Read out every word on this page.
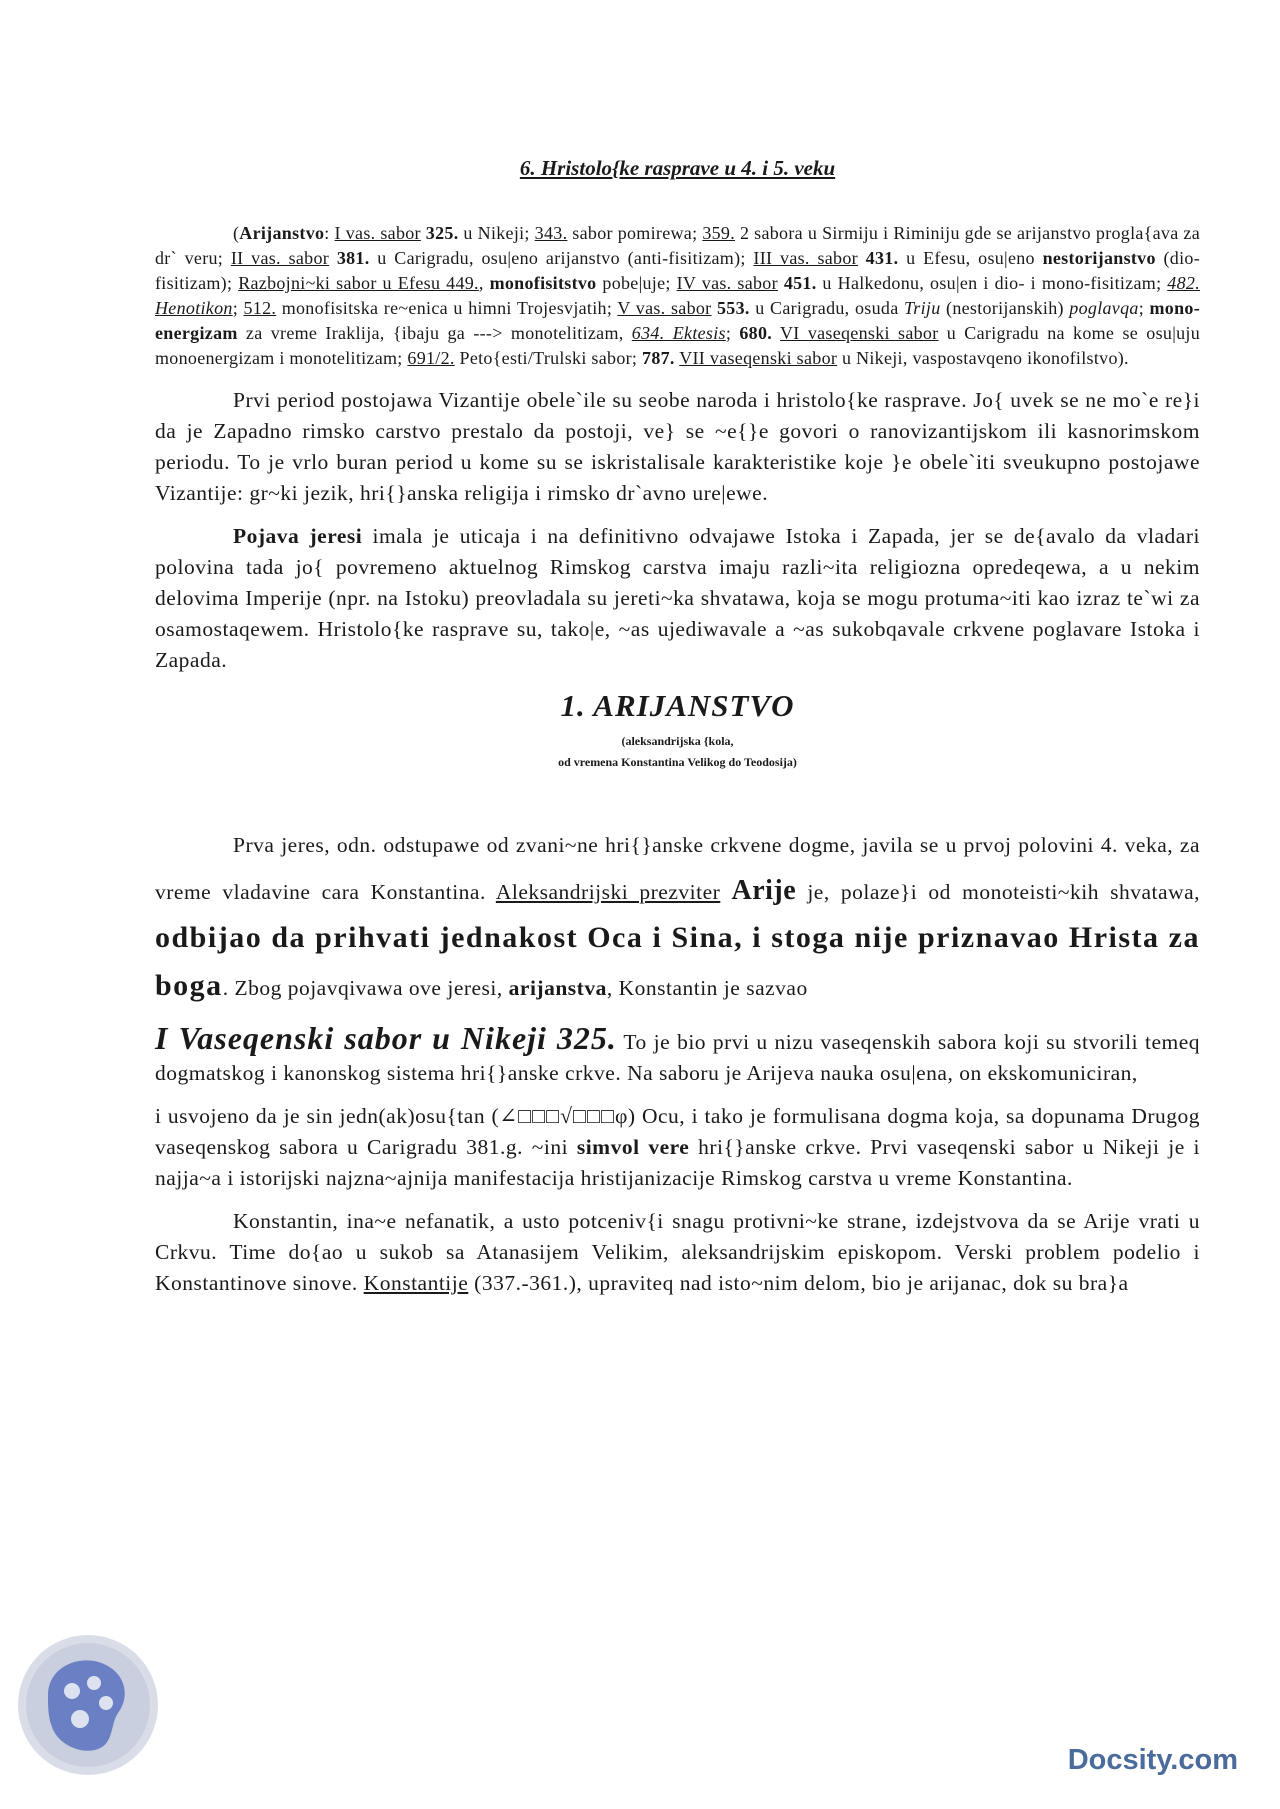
6. Hristolo{ke rasprave u 4. i 5. veku

(Arijanstvo: I vas. sabor 325. u Nikeji; 343. sabor pomirewa; 359. 2 sabora u Sirmiju i Riminiju gde se arijanstvo progla{ava za dr` veru; II vas. sabor 381. u Carigradu, osu|eno arijanstvo (anti-fisitizam); III vas. sabor 431. u Efesu, osu|eno nestorijanstvo (dio-fisitizam); Razbojni~ki sabor u Efesu 449., monofisitstvo pobe|uje; IV vas. sabor 451. u Halkedonu, osu|en i dio- i mono-fisitizam; 482. Henotikon; 512. monofisitska re~enica u himni Trojesvjatih; V vas. sabor 553. u Carigradu, osuda Triju (nestorijanskih) poglavqa; mono-energizam za vreme Iraklija, {ibaju ga ---> monotelitizam, 634. Ektesis; 680. VI vaseqenski sabor u Carigradu na kome se osu|uju monoenergizam i monotelitizam; 691/2. Peto{esti/Trulski sabor; 787. VII vaseqenski sabor u Nikeji, vaspostavqeno ikonofilstvo).

Prvi period postojawa Vizantije obele`ile su seobe naroda i hristolo{ke rasprave. Jo{ uvek se ne mo`e re}i da je Zapadno rimsko carstvo prestalo da postoji, ve} se ~e{}e govori o ranovizantijskom ili kasnorimskom periodu. To je vrlo buran period u kome su se iskristalisale karakteristike koje }e obele`iti sveukupno postojawe Vizantije: gr~ki jezik, hri{}anska religija i rimsko dr`avno ure|ewe.

Pojava jeresi imala je uticaja i na definitivno odvajawe Istoka i Zapada, jer se de{avalo da vladari polovina tada jo{ povremeno aktuelnog Rimskog carstva imaju razli~ita religiozna opredeqewa, a u nekim delovima Imperije (npr. na Istoku) preovladala su jereti~ka shvatawa, koja se mogu protuma~iti kao izraz te`wi za osamostaqewem. Hristolo{ke rasprave su, tako|e, ~as ujediwavale a ~as sukobqavale crkvene poglavare Istoka i Zapada.

1. ARIJANSTVO
(aleksandrijska {kola,
od vremena Konstantina Velikog do Teodosija)

Prva jeres, odn. odstupawe od zvani~ne hri{}anske crkvene dogme, javila se u prvoj polovini 4. veka, za vreme vladavine cara Konstantina. Aleksandrijski prezviter Arije je, polaze}i od monoteisti~kih shvatawa, odbijao da prihvati jednakost Oca i Sina, i stoga nije priznavao Hrista za boga. Zbog pojavqivawa ove jeresi, arijanstva, Konstantin je sazvao

I Vaseqenski sabor u Nikeji 325. To je bio prvi u nizu vaseqenskih sabora koji su stvorili temeq dogmatskog i kanonskog sistema hri{}anske crkve. Na saboru je Arijeva nauka osu|ena, on ekskomuniciran,

i usvojeno da je sin jedn(ak)osu{tan (∠□□□√□□□φ) Ocu, i tako je formulisana dogma koja, sa dopunama Drugog vaseqenskog sabora u Carigradu 381.g. ~ini simvol vere hri{}anske crkve. Prvi vaseqenski sabor u Nikeji je i najja~a i istorijski najzna~ajnija manifestacija hristijanizacije Rimskog carstva u vreme Konstantina.

Konstantin, ina~e nefanatik, a usto potceniv{i snagu protivni~ke strane, izdejstvova da se Arije vrati u Crkvu. Time do{ao u sukob sa Atanasijem Velikim, aleksandrijskim episkopom. Verski problem podelio i Konstantinove sinove. Konstantije (337.-361.), upraviteq nad isto~nim delom, bio je arijanac, dok su bra}a

Docsity.com
